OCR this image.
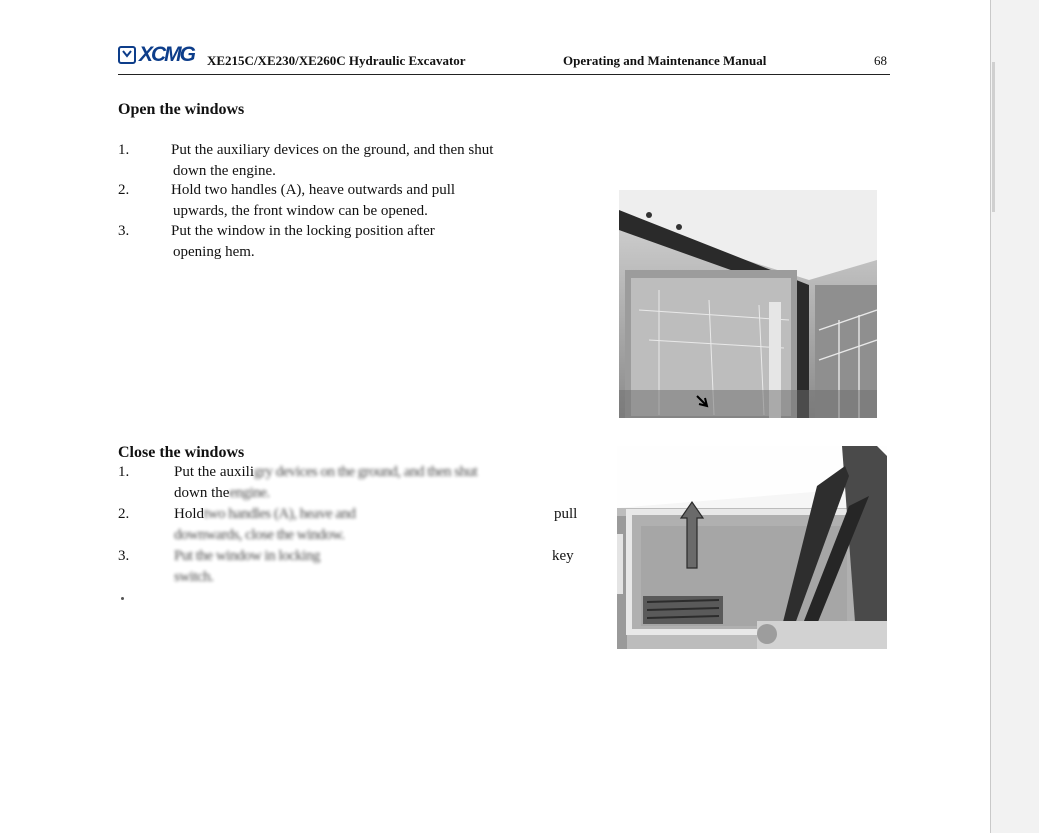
XCMG XE215C/XE230/XE260C Hydraulic Excavator	Operating and Maintenance Manual	68
Open the windows
1.	Put the auxiliary devices on the ground, and then shut
down the engine.
2.	Hold two handles (A), heave outwards and pull
upwards, the front window can be opened.
3.	Put the window in the locking position after
opening hem.
Close the windows
1.	Put the auxiligry devices on the ground, and then shut
down theengine.
2.	Holdtwo handles (A), heave and	pull
downwards, close the window.
3.	Put the window in locking	key
switch.
